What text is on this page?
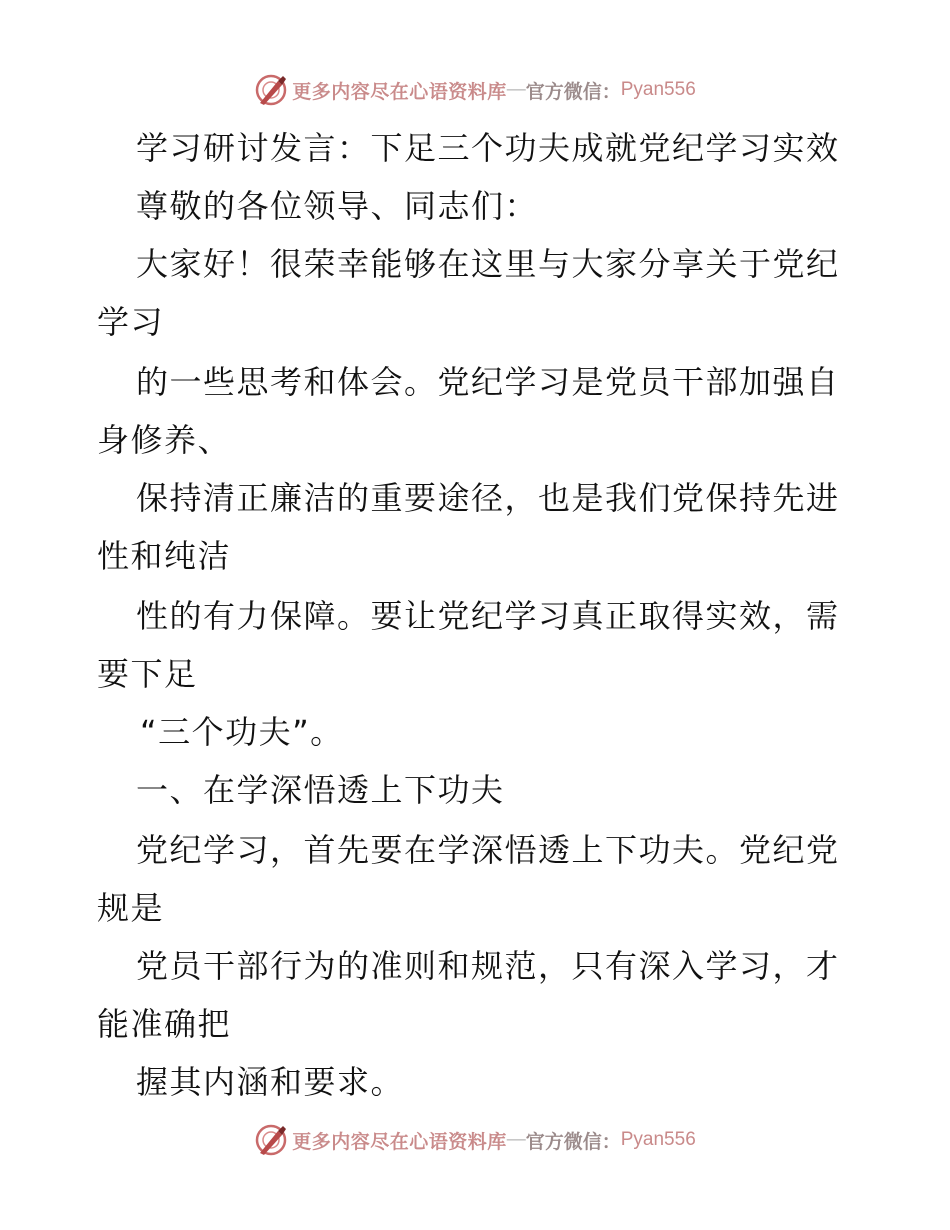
更多内容尽在心语资料库 — 官方微信： Pyan556
学习研讨发言：下足三个功夫成就党纪学习实效
尊敬的各位领导、同志们：
大家好！很荣幸能够在这里与大家分享关于党纪
学习
的一些思考和体会。党纪学习是党员干部加强自
身修养、
保持清正廉洁的重要途径，也是我们党保持先进
性和纯洁
性的有力保障。要让党纪学习真正取得实效，需
要下足
“三个功夫”。
一、在学深悟透上下功夫
党纪学习，首先要在学深悟透上下功夫。党纪党
规是
党员干部行为的准则和规范，只有深入学习，才
能准确把
握其内涵和要求。
更多内容尽在心语资料库 — 官方微信： Pyan556
